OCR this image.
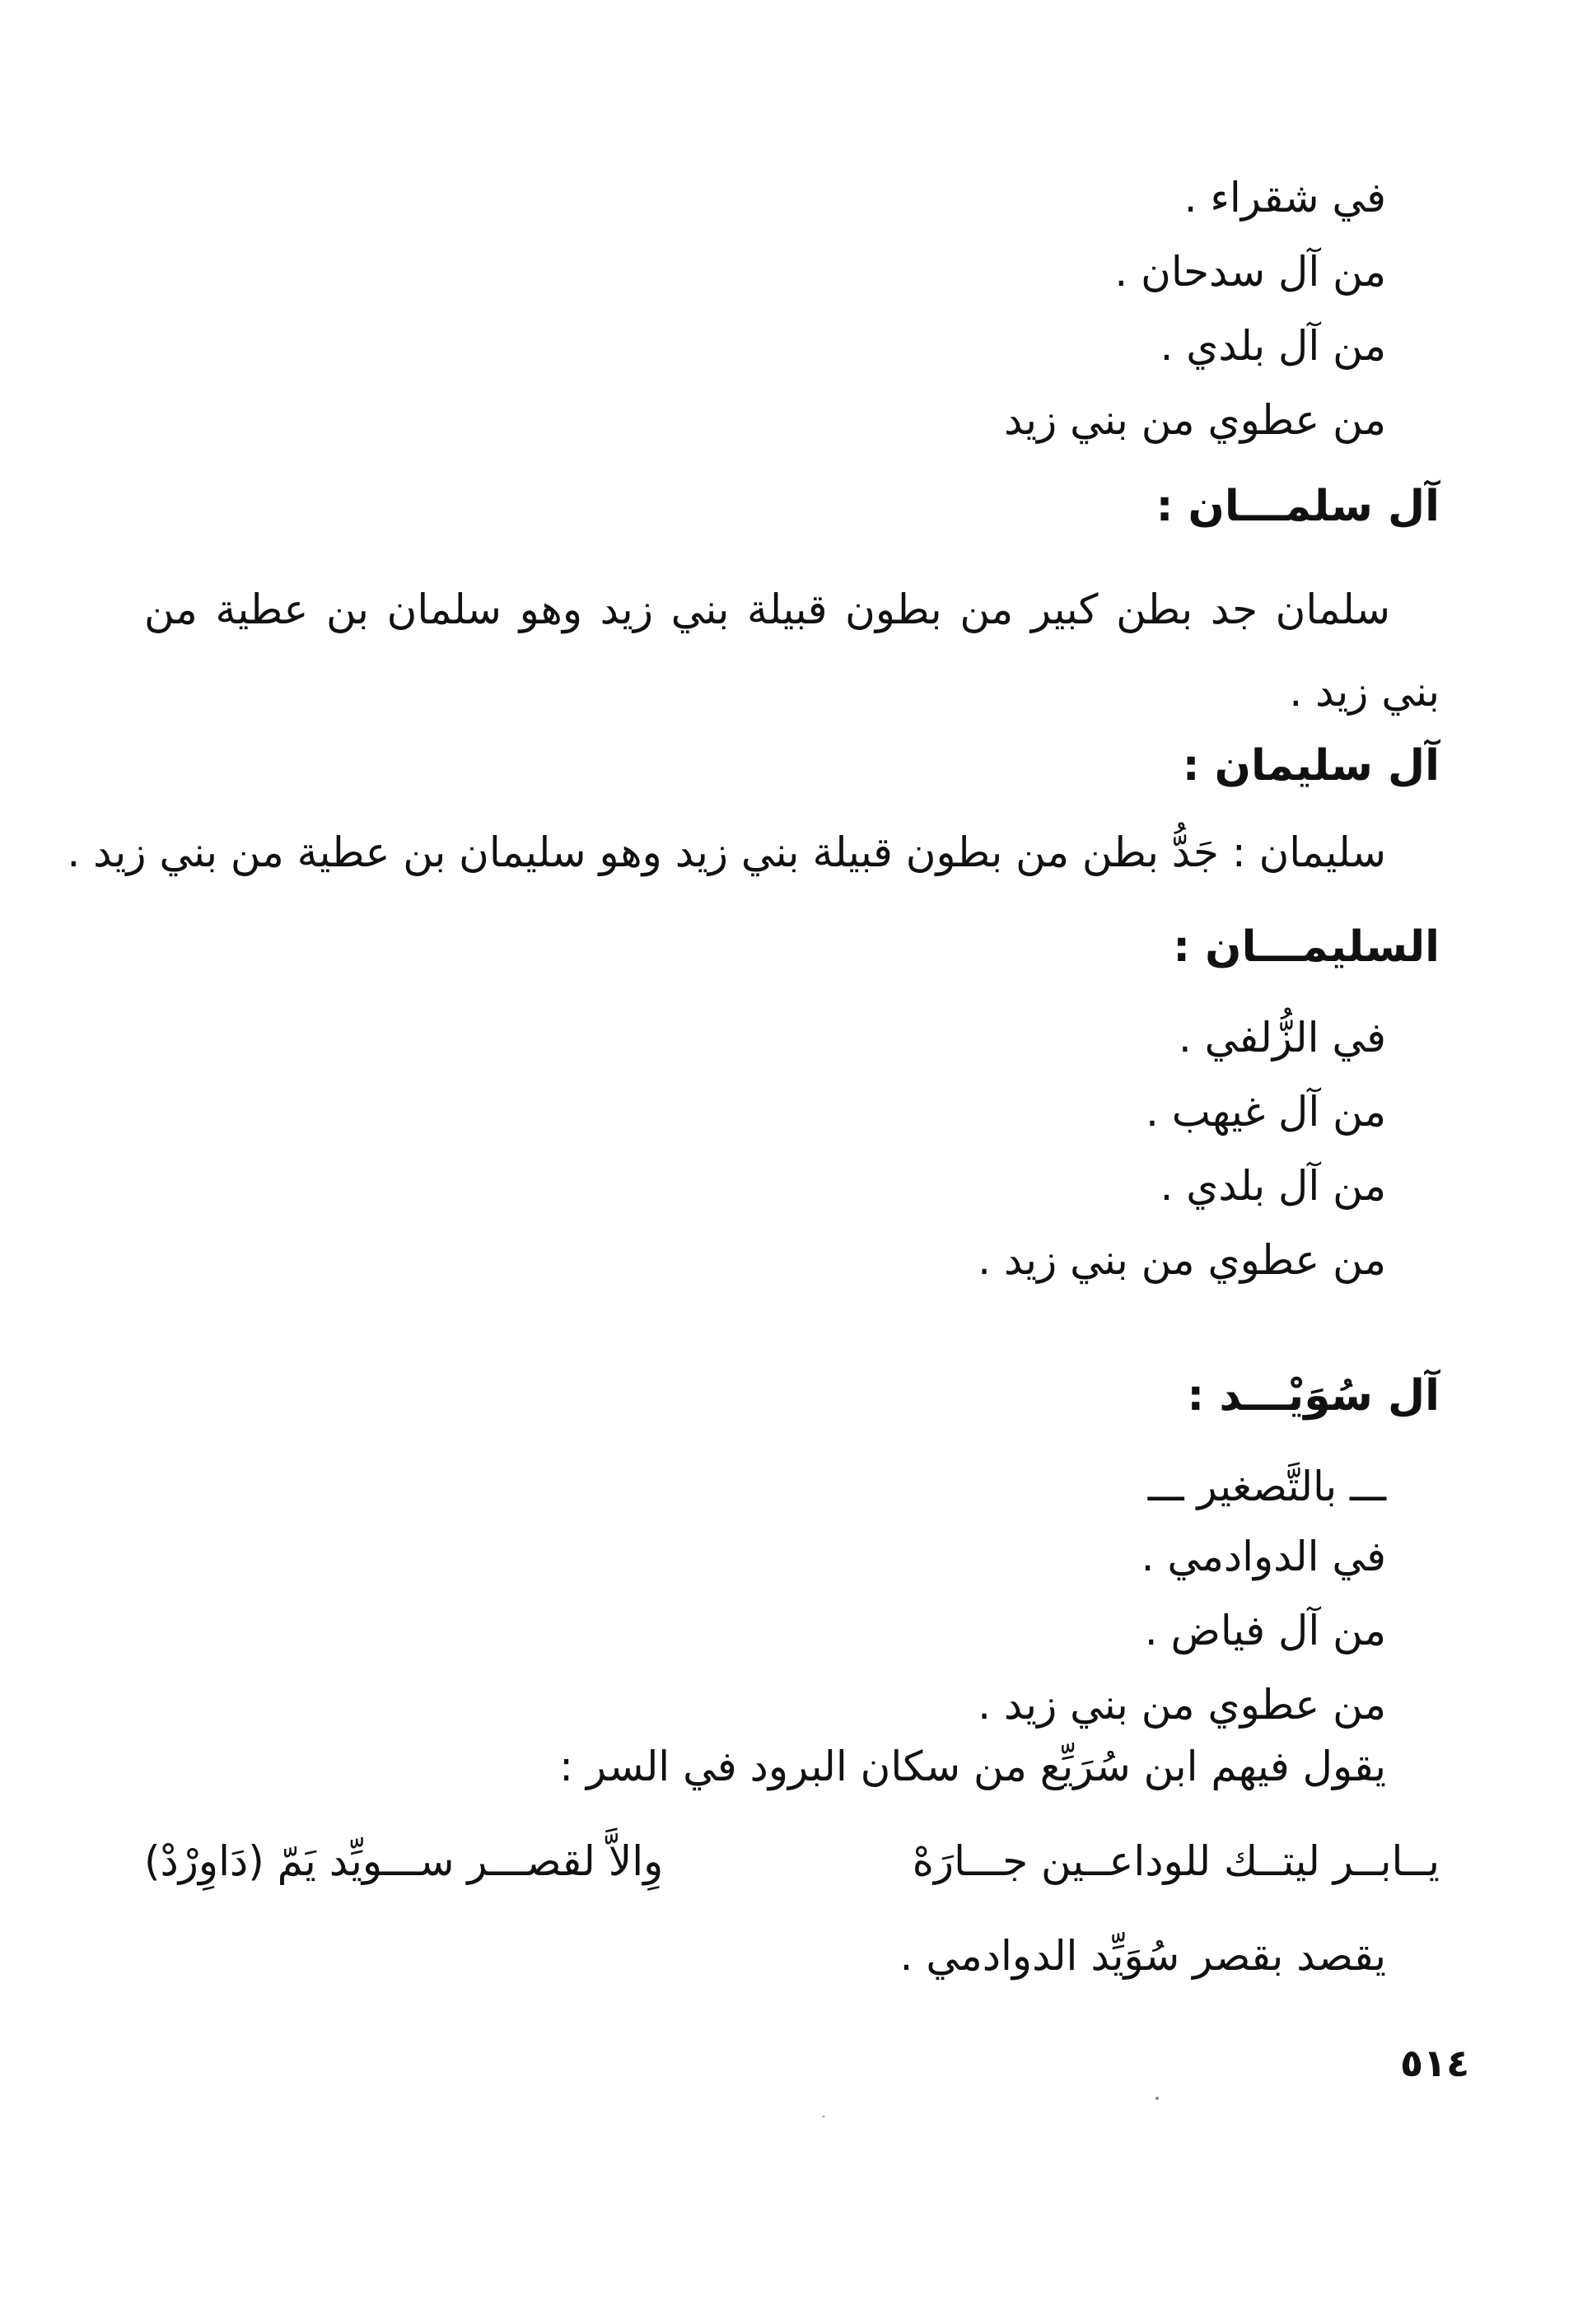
في شقراء .
من آل سدحان .
من آل بلدي .
من عطوي من بني زيد
آل سلمـــان :
سلمان جد بطن كبير من بطون قبيلة بني زيد وهو سلمان بن عطية من بني زيد .
آل سليمان :
سليمان : جَدُّ بطن من بطون قبيلة بني زيد وهو سليمان بن عطية من بني زيد .
السليمـــان :
في الزُّلفي .
من آل غيهب .
من آل بلدي .
من عطوي من بني زيد .
آل سُوَيْـــد :
ـــ بالتَّصغير ـــ
في الدوادمي .
من آل فياض .
من عطوي من بني زيد .
يقول فيهم ابن سُرَيِّع من سكان البرود في السر :
يــابــر ليتــك للوداعــين جـــارَهْ
وِالاَّ لقصـــر ســـويِّد يَمّ (دَاوِرْدْ)
يقصد بقصر سُوَيِّد الدوادمي .
٥١٤
